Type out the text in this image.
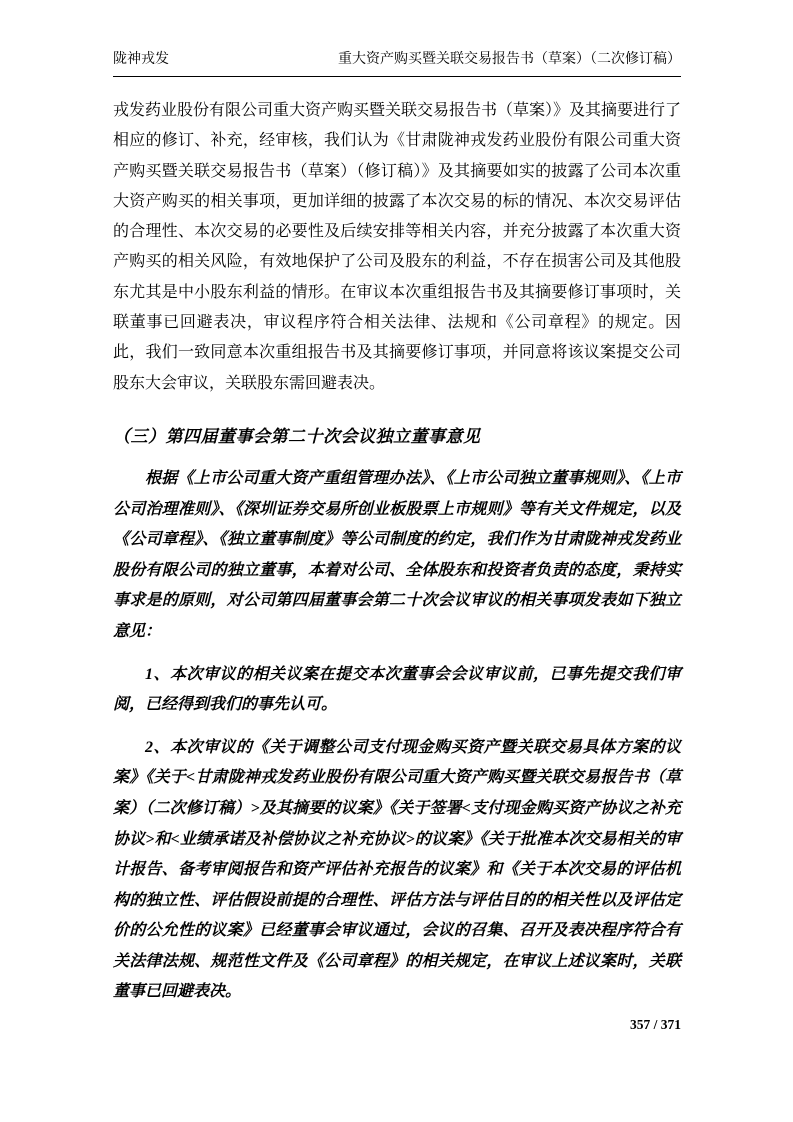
陇神戎发	重大资产购买暨关联交易报告书（草案）（二次修订稿）

戎发药业股份有限公司重大资产购买暨关联交易报告书（草案）》及其摘要进行了相应的修订、补充，经审核，我们认为《甘肃陇神戎发药业股份有限公司重大资产购买暨关联交易报告书（草案）（修订稿）》及其摘要如实的披露了公司本次重大资产购买的相关事项，更加详细的披露了本次交易的标的情况、本次交易评估的合理性、本次交易的必要性及后续安排等相关内容，并充分披露了本次重大资产购买的相关风险，有效地保护了公司及股东的利益，不存在损害公司及其他股东尤其是中小股东利益的情形。在审议本次重组报告书及其摘要修订事项时，关联董事已回避表决，审议程序符合相关法律、法规和《公司章程》的规定。因此，我们一致同意本次重组报告书及其摘要修订事项，并同意将该议案提交公司股东大会审议，关联股东需回避表决。

（三）第四届董事会第二十次会议独立董事意见

根据《上市公司重大资产重组管理办法》、《上市公司独立董事规则》、《上市公司治理准则》、《深圳证券交易所创业板股票上市规则》等有关文件规定，以及《公司章程》、《独立董事制度》等公司制度的约定，我们作为甘肃陇神戎发药业股份有限公司的独立董事，本着对公司、全体股东和投资者负责的态度，秉持实事求是的原则，对公司第四届董事会第二十次会议审议的相关事项发表如下独立意见：

1、本次审议的相关议案在提交本次董事会会议审议前，已事先提交我们审阅，已经得到我们的事先认可。

2、本次审议的《关于调整公司支付现金购买资产暨关联交易具体方案的议案》《关于<甘肃陇神戎发药业股份有限公司重大资产购买暨关联交易报告书（草案）（二次修订稿）>及其摘要的议案》《关于签署<支付现金购买资产协议之补充协议>和<业绩承诺及补偿协议之补充协议>的议案》《关于批准本次交易相关的审计报告、备考审阅报告和资产评估补充报告的议案》和《关于本次交易的评估机构的独立性、评估假设前提的合理性、评估方法与评估目的的相关性以及评估定价的公允性的议案》已经董事会审议通过，会议的召集、召开及表决程序符合有关法律法规、规范性文件及《公司章程》的相关规定，在审议上述议案时，关联董事已回避表决。

357 / 371
